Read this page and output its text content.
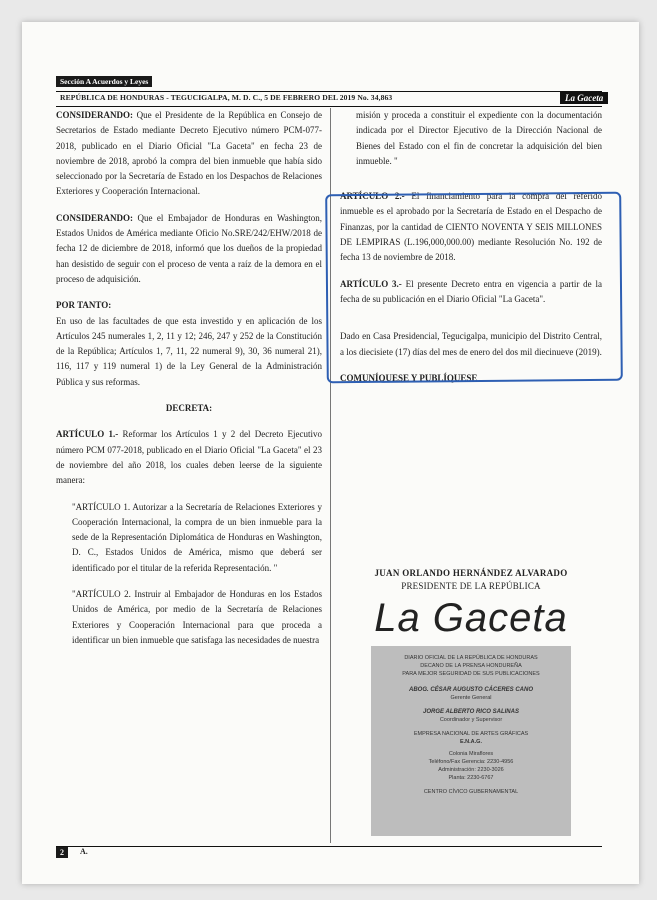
Sección A Acuerdos y Leyes
REPÚBLICA DE HONDURAS - TEGUCIGALPA, M. D. C., 5 DE FEBRERO DEL 2019 No. 34,863	La Gaceta

CONSIDERANDO: Que el Presidente de la República en Consejo de Secretarios de Estado mediante Decreto Ejecutivo número PCM-077-2018, publicado en el Diario Oficial "La Gaceta" en fecha 23 de noviembre de 2018, aprobó la compra del bien inmueble que había sido seleccionado por la Secretaría de Estado en los Despachos de Relaciones Exteriores y Cooperación Internacional.

CONSIDERANDO: Que el Embajador de Honduras en Washington, Estados Unidos de América mediante Oficio No.SRE/242/EHW/2018 de fecha 12 de diciembre de 2018, informó que los dueños de la propiedad han desistido de seguir con el proceso de venta a raíz de la demora en el proceso de adquisición.

POR TANTO:

En uso de las facultades de que esta investido y en aplicación de los Artículos 245 numerales 1, 2, 11 y 12; 246, 247 y 252 de la Constitución de la República; Artículos 1, 7, 11, 22 numeral 9), 30, 36 numeral 21), 116, 117 y 119 numeral 1) de la Ley General de la Administración Pública y sus reformas.

DECRETA:

ARTÍCULO 1.- Reformar los Artículos 1 y 2 del Decreto Ejecutivo número PCM 077-2018, publicado en el Diario Oficial "La Gaceta" el 23 de noviembre del año 2018, los cuales deben leerse de la siguiente manera:

"ARTÍCULO 1. Autorizar a la Secretaría de Relaciones Exteriores y Cooperación Internacional, la compra de un bien inmueble para la sede de la Representación Diplomática de Honduras en Washington, D. C., Estados Unidos de América, mismo que deberá ser identificado por el titular de la referida Representación. "

"ARTÍCULO 2. Instruir al Embajador de Honduras en los Estados Unidos de América, por medio de la Secretaría de Relaciones Exteriores y Cooperación Internacional para que proceda a identificar un bien inmueble que satisfaga las necesidades de nuestra

misión y proceda a constituir el expediente con la documentación indicada por el Director Ejecutivo de la Dirección Nacional de Bienes del Estado con el fin de concretar la adquisición del bien inmueble. "

ARTÍCULO 2.- El financiamiento para la compra del referido inmueble es el aprobado por la Secretaría de Estado en el Despacho de Finanzas, por la cantidad de CIENTO NOVENTA Y SEIS MILLONES DE LEMPIRAS (L.196,000,000.00) mediante Resolución No. 192 de fecha 13 de noviembre de 2018.

ARTÍCULO 3.- El presente Decreto entra en vigencia a partir de la fecha de su publicación en el Diario Oficial "La Gaceta".

Dado en Casa Presidencial, Tegucigalpa, municipio del Distrito Central, a los diecisiete (17) días del mes de enero del dos mil diecinueve (2019).

COMUNÍQUESE Y PUBLÍQUESE

JUAN ORLANDO HERNÁNDEZ ALVARADO
PRESIDENTE DE LA REPÚBLICA
La Gaceta
DIARIO OFICIAL DE LA REPÚBLICA DE HONDURAS
DECANO DE LA PRENSA HONDUREÑA
PARA MEJOR SEGURIDAD DE SUS PUBLICACIONES
ABOG. CÉSAR AUGUSTO CÁCERES CANO
Gerente General
JORGE ALBERTO RICO SALINAS
Coordinador y Supervisor
EMPRESA NACIONAL DE ARTES GRÁFICAS
E.N.A.G.
Colonia Miraflores
Teléfono/Fax Gerencia: 2230-4956
Administración: 2230-3026
Planta: 2230-6767
CENTRO CÍVICO GUBERNAMENTAL
2	A.
